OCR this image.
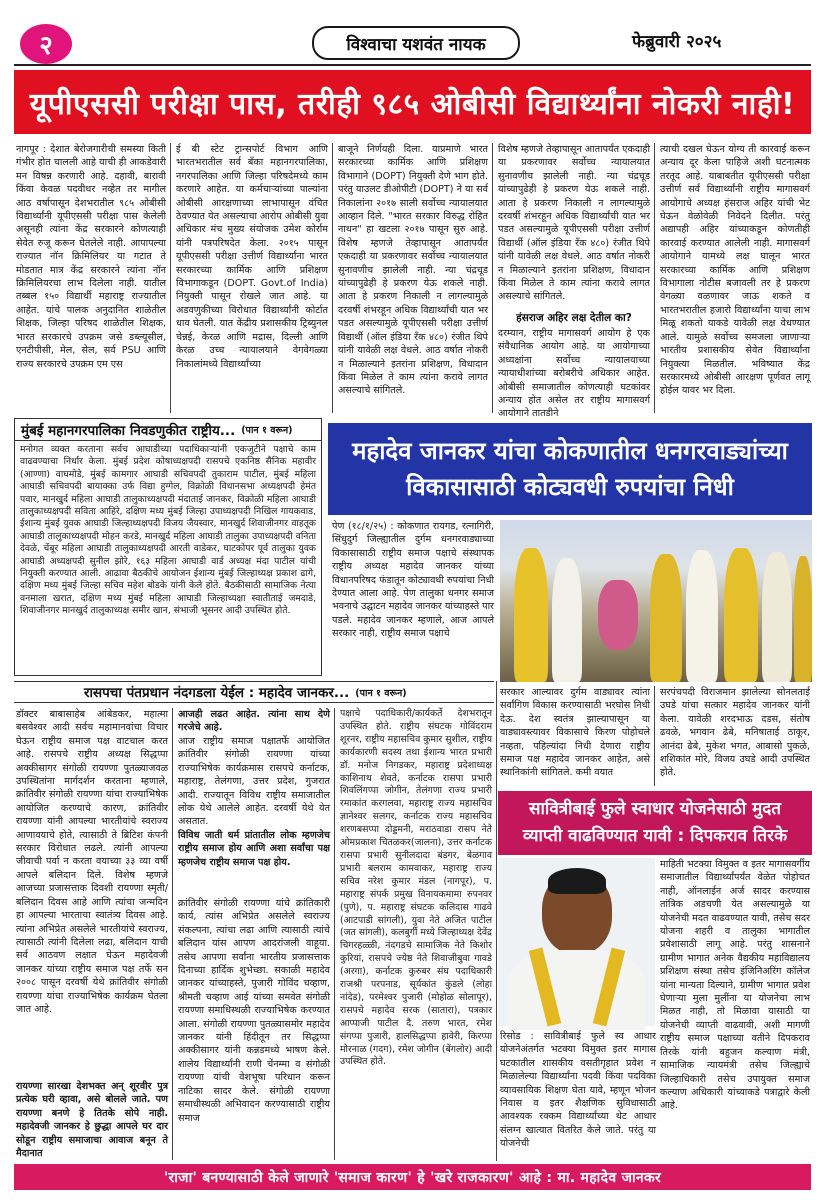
२	विश्वाचा यशवंत नायक	फेब्रुवारी २०२५
यूपीएससी परीक्षा पास, तरीही ९८५ ओबीसी विद्यार्थ्यांना नोकरी नाही!
नागपूर : देशात बेरोजगारीची समस्या किती गंभीर होत चालली आहे याची ही आकडेवारी मन विषन्न करणारी आहे. दहावी, बारावी किंवा केवळ पदवीधर नव्हेत तर मागील आठ वर्षापासून देशभरातील ९८५ ओबीसी विद्यार्थ्यांनी यूपीएससी परीक्षा पास केलेली असूनही त्यांना केंद्र सरकारने कोणत्याही सेवेत रुजू करून घेतलेले नाही. आपापल्या राज्यात नॉन क्रिमिलियर या गटात ते मोडतात मात्र केंद्र सरकारने त्यांना नॉन क्रिमिलियरचा लाभ दिलेला नाही. यातील तब्बल १५० विद्यार्थी महाराष्ट्र राज्यातील आहेत. यांचे पालक अनुदानित शाळेतील शिक्षक, जिल्हा परिषद शाळेतील शिक्षक, भारत सरकारचे उपक्रम जसे डब्ल्यूसील, एनटीपीसी, मेल, सेल, सर्व PSU आणि राज्य सरकारचे उपक्रम एम एस
ई बी स्टेट ट्रान्सपोर्ट विभाग आणि भारतभरातील सर्व बँका महानगरपालिका, नगरपालिका आणि जिल्हा परिषदेमध्ये काम करणारे आहेत. या कर्मचाऱ्यांच्या पाल्यांना ओबीसी आरक्षणाच्या लाभापासून वंचित ठेवण्यात येत असल्याचा आरोप ओबीसी युवा अधिकार मंच मुख्य संयोजक उमेश कोर्राम यांनी पत्रपरिषदेत केला. २०१५ पासून यूपीएससी परीक्षा उत्तीर्ण विद्यार्थ्यांना भारत सरकारच्या कार्मिक आणि प्रशिक्षण विभागाकडून (DOPT. Govt.of India) नियुक्ती पासून रोखले जात आहे. या अडवणुकीच्या विरोधात विद्यार्थ्यांनी कोर्टात धाव घेतली. यात केंद्रीय प्रशासकीय ट्रिब्युनल चेन्नई, केरळ आणि मद्रास, दिल्ली आणि केरळ उच्च न्यायालयाने वेगवेगळ्या निकालांमध्ये विद्यार्थ्यांच्या
बाजूने निर्णयही दिला. याप्रमाणे भारत सरकारच्या कार्मिक आणि प्रशिक्षण विभागाने (DOPT) नियुक्ती देणे भाग होते. परंतु याउलट डीओपीटी (DOPT) ने या सर्व निकालांना २०१७ साली सर्वोच्च न्यायालयात आव्हान दिले. "भारत सरकार विरुद्ध रोहित नाथन" हा खटला २०१७ पासून सुरु आहे. विशेष म्हणजे तेव्हापासून आतापर्यंत एकदाही या प्रकरणावर सर्वोच्च न्यायालयात सुनावणीच झालेली नाही. न्या चंद्रचूड यांच्यापुढेही हे प्रकरण येऊ शकले नाही. आता हे प्रकरण निकाली न लागल्यामुळे दरवर्षी शंभरहून अधिक विद्यार्थ्यांची यात भर पडत असल्यामुळे यूपीएससी परीक्षा उत्तीर्ण विद्यार्थी (ऑल इंडिया रँक ४८०) रंजीत थिपे यांनी यावेळी लक्ष वेधले. आठ वर्षात नोकरी न मिळाल्याने इतरांना प्रशिक्षण, विधादान किंवा मिळेल ते काम त्यांना करावे लागत असल्याचे सांगितले.
विशेष म्हणजे तेव्हापासून आतापर्यंत एकदाही या प्रकरणावर सर्वोच्च न्यायालयात सुनावणीच झालेली नाही. न्या चंद्रचूड यांच्यापुढेही हे प्रकरण येऊ शकले नाही. आता हे प्रकरण निकाली न लागल्यामुळे दरवर्षी शंभरहून अधिक विद्यार्थ्यांची यात भर पडत असल्यामुळे यूपीएससी परीक्षा उत्तीर्ण विद्यार्थी (ऑल इंडिया रँक ४८०) रंजीत थिपे यांनी यावेळी लक्ष वेधले. आठ वर्षात नोकरी न मिळाल्याने इतरांना प्रशिक्षण, विधादान किंवा मिळेल ते काम त्यांना करावे लागत असल्याचे सांगितले.
हंसराज अहिर लक्ष देतील का?
दरम्यान, राष्ट्रीय मागासवर्ग आयोग हे एक संवैधानिक आयोग आहे. या आयोगाच्या अध्यक्षांना सर्वोच्च न्यायालयाच्या न्यायाधीशांच्या बरोबरीचे अधिकार आहेत. ओबीसी समाजातील कोणत्याही घटकांवर अन्याय होत असेल तर राष्ट्रीय मागासवर्ग आयोगाने तातडीने
त्याची दखल घेऊन योग्य ती कारवाई करून अन्याय दूर केला पाहिजे अशी घटनात्मक तरतूद आहे. याबाबतीत यूपीएससी परीक्षा उत्तीर्ण सर्व विद्यार्थ्यांनी राष्ट्रीय मागासवर्ग आयोगाचे अध्यक्ष हंसराज अहिर यांची भेट घेऊन वेळोवेळी निवेदने दिलीत. परंतु अद्यापही अहिर यांच्याकडून कोणतीही कारवाई करण्यात आलेली नाही. मागासवर्ग आयोगाने यामध्ये लक्ष घालून भारत सरकारच्या कार्मिक आणि प्रशिक्षण विभागाला नोटीस बजावली तर हे प्रकरण वेगळ्या वळणावर जाऊ शकते व भारतभरातील हजारो विद्यार्थ्यांना याचा लाभ मिळू शकतो याकडे यावेळी लक्ष वेधण्यात आले. यामुळे सर्वोच्च समजला जाणाऱ्या भारतीय प्रशासकीय सेवेत विद्यार्थ्यांना नियुक्त्या मिळतील. भविष्यात केंद्र सरकारमध्ये ओबीसी आरक्षण पूर्णवत लागू होईल यावर भर दिला.
मुंबई महानगरपालिका निवडणुकीत राष्ट्रीय... (पान १ वरून)
मनोगत व्यक्त करताना सर्वच आघाडीच्या पदाधिकाऱ्यांनी एकजुटीने पक्षाचे काम वाढवण्याचा निर्धार केला. मुंबई प्रदेश कोषाध्यक्षपदी रासपचे एकनिष्ठ सैनिक महावीर (आण्णा) वाघमोडे, मुंबई कामगार आघाडी सचिवपदी तुकाराम पाटील, मुंबई महिला आघाडी सचिवपदी बायाक्का उर्फ विद्या हुग्गेल, विक्रोळी विधानसभा अध्यक्षपदी हेमंत पवार, मानखुर्द महिला आघाडी तालुकाध्यक्षपदी मंदाताई जानकर, विक्रोळी महिला आघाडी तालुकाध्यक्षपदी सविता आहिरे, दक्षिण मध्य मुंबई जिल्हा उपाध्यक्षपदी निखिल गायकवाड, ईशान्य मुंबई युवक आघाडी जिल्हाध्यक्षपदी विजय जैयस्वार, मानखुर्द शिवाजीनगर वाहतूक आघाडी तालुकाध्यक्षपदी मोहन करडे, मानखुर्द महिला आघाडी तालुका उपाध्यक्षपदी वनिता देवळे, चेंबूर महिला आघाडी तालुकाध्यक्षपदी आरती वाडेकर, घाटकोपर पूर्व तालुका युवक आघाडी अध्यक्षपदी सुनील झोरे, १६३ महिला आघाडी वार्ड अध्यक्ष मंदा पाटील यांची नियुक्ती करण्यात आली. आढावा बैठकीचे आयोजन ईशान्य मुंबई जिल्हाध्यक्ष प्रकाश ढागे, दक्षिण मध्य मुंबई जिल्हा सचिव महेश बोडके यांनी केले होते. बैठकीसाठी सामाजिक नेत्या वनमाला खरात, दक्षिण मध्य मुंबई महिला आघाडी जिल्हाध्यक्षा स्वातीताई जमदाडे, शिवाजीनगर मानखुर्द तालुकाध्यक्ष समीर खान, संभाजी भूसनर आदी उपस्थित होते.
महादेव जानकर यांचा कोकणातील धनगरवाड्यांच्या
विकासासाठी कोट्यवधी रुपयांचा निधी
पेण (१८/१/२५) : कोकणात रायगड, रत्नागिरी, सिंधुदुर्ग जिल्ह्यातील दुर्गम धनगरवाड्याच्या विकासासाठी राष्ट्रीय समाज पक्षाचे संस्थापक राष्ट्रीय अध्यक्ष महादेव जानकर यांच्या विधानपरिषद फंडातून कोट्यावधी रुपयांचा निधी देण्यात आला आहे. पेण तालुका धनगर समाज भवनाचे उद्घाटन महादेव जानकर यांच्याहस्ते पार पडले. महादेव जानकर म्हणाले, आज आपले सरकार नाही, राष्ट्रीय समाज पक्षाचे
रासपचा पंतप्रधान नंदगडला येईल : महादेव जानकर... (पान १ वरून)
डॉक्टर बाबासाहेब आंबेडकर, महात्मा बसवेश्वर आदी सर्वच महामानवांचा विचार घेऊन राष्ट्रीय समाज पक्ष वाटचाल करत आहे. रासपचे राष्ट्रीय अध्यक्ष सिद्धप्पा अक्कीसागर संगोळी रायण्णा पुतळ्याजवळ उपस्थितांना मार्गदर्शन करताना म्हणाले, क्रांतिवीर संगोळी रायण्णा यांचा राज्याभिषेक आयोजित करण्याचे कारण, क्रांतिवीर रायण्णा यांनी आपल्या भारतीयांचे स्वराज्य आणावयाचे होते, त्यासाठी ते ब्रिटिश कंपनी सरकार विरोधात लढले. त्यांनी आपल्या जीवाची पर्वा न करता वयाच्या ३३ व्या वर्षी आपले बलिदान दिले. विशेष म्हणजे आजच्या प्रजासत्ताक दिवशी रायण्णा स्मृती/बलिदान दिवस आहे आणि त्यांचा जन्मदिन हा आपल्या भारताचा स्वातंत्र्य दिवस आहे. त्यांना अभिप्रेत असलेले भारतीयांचे स्वराज्य, त्यासाठी त्यांनी दिलेला लढा, बलिदान याची सर्व आठवण लक्षात घेऊन महादेवजी जानकर यांच्या राष्ट्रीय समाज पक्ष तर्फे सन २००८ पासून दरवर्षी येथे क्रांतिवीर संगोळी रायण्णा यांचा राज्याभिषेक कार्यक्रम घेतला जात आहे.
रायण्णा सारखा देशभक्त अन् शूरवीर पुत्र प्रत्येक घरी व्हावा, असे बोलले जाते. पण रायण्णा बनणे हे तितके सोपे नाही. महादेवजी जानकर हे छुद्धा आपले घर दार सोडून राष्ट्रीय समाजाचा आवाज बनून ते मैदानात
आजही लढत आहेत. त्यांना साथ देणे गरजेचे आहे.
आज राष्ट्रीय समाज पक्षातर्फे आयोजित क्रांतिवीर संगोळी रायण्णा यांच्या राज्याभिषेक कार्यक्रमास रासपचे कर्नाटक, महाराष्ट्र, तेलंगणा, उत्तर प्रदेश, गुजरात आदी. राज्यातून विविध राष्ट्रीय समाजातील लोक येथे आलेले आहेत. दरवर्षी येथे येत असतात.
विविध जाती धर्म प्रांतातील लोक म्हणजेच राष्ट्रीय समाज होय आणि अशा सर्वांचा पक्ष म्हणजेच राष्ट्रीय समाज पक्ष होय.
क्रांतिवीर संगोळी रायण्णा यांचे क्रांतिकारी कार्य, त्यांस अभिप्रेत असलेले स्वराज्य संकल्पना, त्यांचा लढा आणि त्यासाठी त्यांचे बलिदान यांस आपण आदरांजली वाहूया. तसेच आपणा सर्वांना भारतीय प्रजासत्ताक दिनाच्या हार्दिक शुभेच्छा. सकाळी महादेव जानकर यांच्याहस्ते, पुजारी गोविंद चव्हाण, श्रीमती चव्हाण आई यांच्या समवेत संगोळी रायण्णा समाधिस्थळी राज्याभिषेक करण्यात आला. संगोळी रायण्णा पुतळ्यासमोर महादेव जानकर यांनी हिंदीतून तर सिद्धप्पा अक्कीसागर यांनी कन्नडमध्ये भाषण केले. शालेय विद्यार्थ्यांनी राणी चेंनम्मा व संगोळी रायण्णा यांची वेशभूषा परिधान करून नाटिका सादर केले. संगोळी रायण्णा समाधीस्थळी अभिवादन करण्यासाठी राष्ट्रीय समाज
पक्षाचे पदाधिकारी/कार्यकर्ते देशभरातून उपस्थित होते. राष्ट्रीय संघटक गोविंदराम शूरनर, राष्ट्रीय महासचिव कुमार सुशील, राष्ट्रीय कार्यकारणी सदस्य तथा ईशान्य भारत प्रभारी डॉ. मनोज निगडकर, महाराष्ट्र प्रदेशाध्यक्ष काशिनाथ शेवते, कर्नाटक रासपा प्रभारी शिवलिंगप्पा जोगीन, तेलंगणा राज्य प्रभारी रमाकांत करगलवा, महाराष्ट्र राज्य महासचिव ज्ञानेश्वर सलगर, कर्नाटक राज्य महासचिव शरणबसप्पा दोड्डमनी, मराठवाडा रासप नेते ओमप्रकाश चितळकर(जालना), उत्तर कर्नाटक रासपा प्रभारी सुनीलदादा बंडगर, बेळगाव प्रभारी बलराम कामवाकर, महाराष्ट्र राज्य सचिव नरेश कुमार मंडल (नागपूर), प. महाराष्ट्र संपर्क प्रमुख विनायकमामा रुपनवर (पुणे), प. महाराष्ट्र संघटक कलिदास गाढवे (आटपाडी सांगली), युवा नेते अजित पाटील (जत सांगली), कलबुर्गी मध्ये जिल्हाध्यक्ष देवेंद्र चिगरहळ्ळी, नंदगडचे सामाजिक नेते किशोर कुरियां, रासपचे ज्येष्ठ नेते शिवाजीबुवा गावडे (अरगा), कर्नाटक कुरुबर संघ पदाधिकारी राजश्री परपनाड, सूर्यकांत कुंडले (लोहा नांदेड), परमेश्वर पुजारी (मोहोळ सोलापूर), रासपचे महादेव सरक (सातारा), पत्रकार आप्पाजी पाटील दै. तरुण भारत, रमेश संगप्पा पुजारी, हालसिद्धप्पा हावेरी, किरप्पा मोरनाळ (गदग), रमेश जोगीन (बेंगलोर) आदी उपस्थित होते.
सरकार आल्यावर दुर्गम वाड्यावर त्यांना सर्वांगिण विकास करण्यासाठी भरघोस निधी देऊ. देश स्वतंत्र झाल्यापासून या वाड्यावस्त्यावर विकासाचे किरण पोहोचले नव्हता, पहिल्यांदा निधी देणारा राष्ट्रीय समाज पक्ष महादेव जानकर आहेत, असे स्थानिकांनी सांगितले. कमी वयात
सरपंचपदी विराजमान झालेल्या सोनलताई उघडे यांचा सत्कार महादेव जानकर यांनी केला. यावेळी शरदभाऊ दडस, संतोष ढवळे, भगवान ढेबे, मनिषाताई ठाकूर, आनंदा ढेबे, मुकेश भगत, आबासो पुकळे, शशिकांत मोरे, विजय उघडे आदी उपस्थित होते.
सावित्रीबाई फुले स्वाधार योजनेसाठी मुदत
व्याप्ती वाढविण्यात यावी : दिपकराव तिरके
माहिती भटक्या विमुक्त व इतर मागासवर्गीय समाजातील विद्यार्थ्यांपर्यंत वेळेत पोहोचत नाही, ऑनलाईन अर्ज सादर करण्यास तांत्रिक अडचणी येत असल्यामुळे या योजनेची मदत वाढवण्यात यावी, तसेच सदर योजना शहरी व तालुका भागातील प्रवेशासाठी लागू आहे. परंतु शासनाने ग्रामीण भागात अनेक वैद्यकीय महाविद्यालय प्रशिक्षण संस्था तसेच इंजिनिअरिंग कॉलेज यांना मान्यता दिल्याने, ग्रामीण भागात प्रवेश घेणाऱ्या मुला मुलींना या योजनेचा लाभ मिळत नाही, तो मिळावा यासाठी या योजनेची व्याप्ती वाढवावी, अशी मागणी राष्ट्रीय समाज पक्षाच्या वतीने दिपकराव तिरके यांनी बहुजन कल्याण मंत्री, सामाजिक न्यायमंत्री तसेच जिल्ह्याचे जिल्हाधिकारी तसेच उपायुक्त समाज कल्याण अधिकारी यांच्याकडे पत्राद्वारे केली आहे.
रिसोड : सावित्रीबाई फुले स्व आधार योजनेअंतर्गत भटक्या विमुक्त इतर मागास घटकातील शासकीय वसतीगृहात प्रवेश न मिळालेल्या विद्यार्थ्यांना पदवी किंवा पदविका व्यावसायिक शिक्षण घेता यावे, म्हणून भोजन निवास व इतर शैक्षणिक सुविधासाठी आवश्यक रक्कम विद्यार्थ्यांच्या थेट आधार संलग्न खात्यात वितरित केले जाते. परंतु या योजनेची
'राजा' बनण्यासाठी केले जाणारे 'समाज कारण' हे 'खरे राजकारण' आहे : मा. महादेव जानकर
